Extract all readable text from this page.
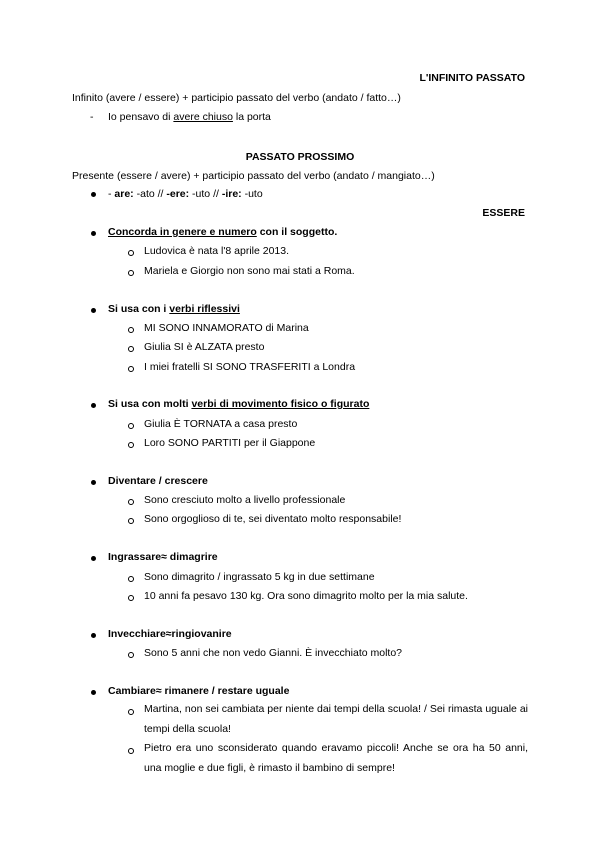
L'INFINITO PASSATO
Infinito (avere / essere) + participio passato del verbo (andato / fatto…)
- Io pensavo di avere chiuso la porta
PASSATO PROSSIMO
Presente (essere / avere) + participio passato del verbo (andato / mangiato…)
- are: -ato // -ere: -uto // -ire: -uto
ESSERE
Concorda in genere e numero con il soggetto.
Ludovica è nata l'8 aprile 2013.
Mariela e Giorgio non sono mai stati a Roma.
Si usa con i verbi riflessivi
MI SONO INNAMORATO di Marina
Giulia SI è ALZATA presto
I miei fratelli SI SONO TRASFERITI a Londra
Si usa con molti verbi di movimento fisico o figurato
Giulia È TORNATA a casa presto
Loro SONO PARTITI per il Giappone
Diventare / crescere
Sono cresciuto molto a livello professionale
Sono orgoglioso di te, sei diventato molto responsabile!
Ingrassare≈ dimagrire
Sono dimagrito / ingrassato 5 kg in due settimane
10 anni fa pesavo 130 kg. Ora sono dimagrito molto per la mia salute.
Invecchiare≈ringiovanire
Sono 5 anni che non vedo Gianni. È invecchiato molto?
Cambiare≈ rimanere / restare uguale
Martina, non sei cambiata per niente dai tempi della scuola! / Sei rimasta uguale ai tempi della scuola!
Pietro era uno sconsiderato quando eravamo piccoli! Anche se ora ha 50 anni, una moglie e due figli, è rimasto il bambino di sempre!
